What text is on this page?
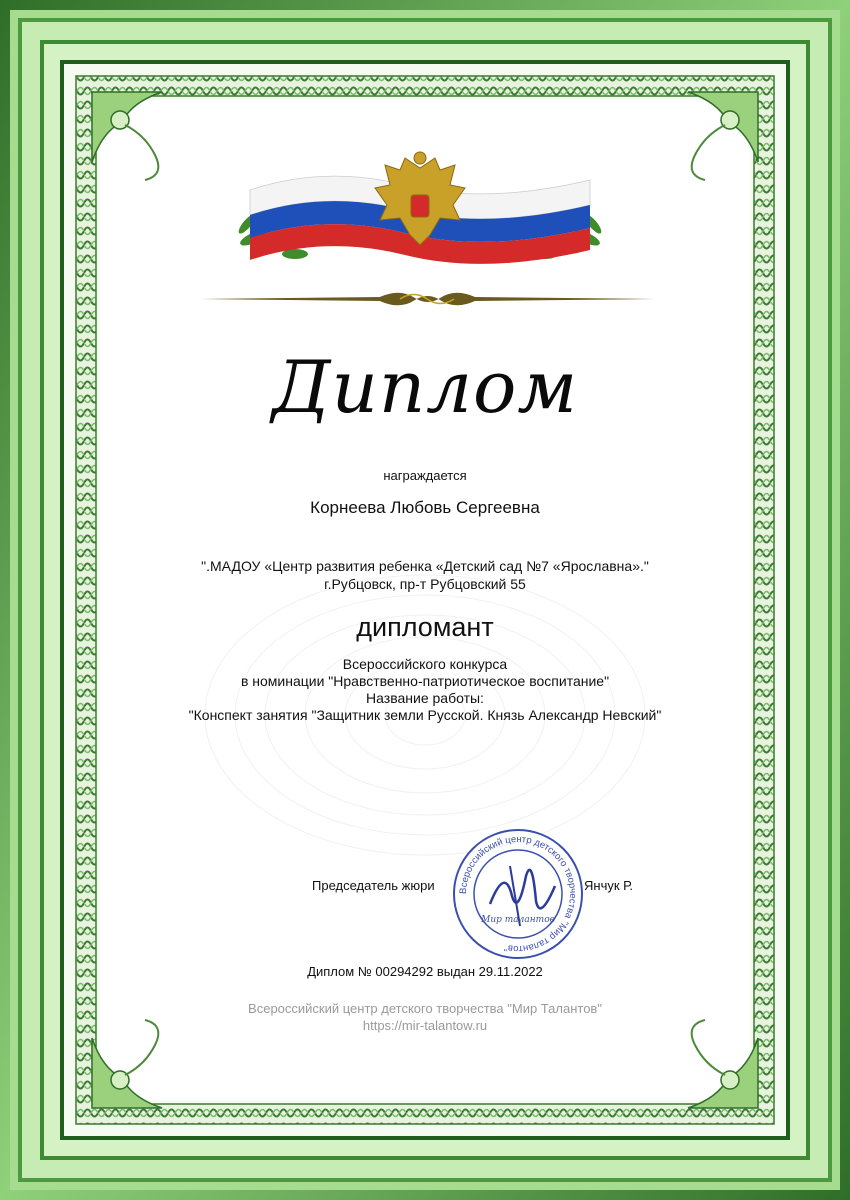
Диплом
награждается
Корнеева Любовь Сергеевна
".МАДОУ «Центр развития ребенка «Детский сад №7 «Ярославна»."
г.Рубцовск, пр-т Рубцовский 55
дипломант
Всероссийского конкурса
в номинации "Нравственно-патриотическое воспитание"
Название работы:
"Конспект занятия "Защитник земли Русской. Князь Александр Невский"
Всероссийский центр детского творчества "Мир талантов"
Мир талантов
Председатель жюри	Янчук Р.
Диплом № 00294292 выдан 29.11.2022
Всероссийский центр детского творчества "Мир Талантов"
https://mir-talantow.ru
